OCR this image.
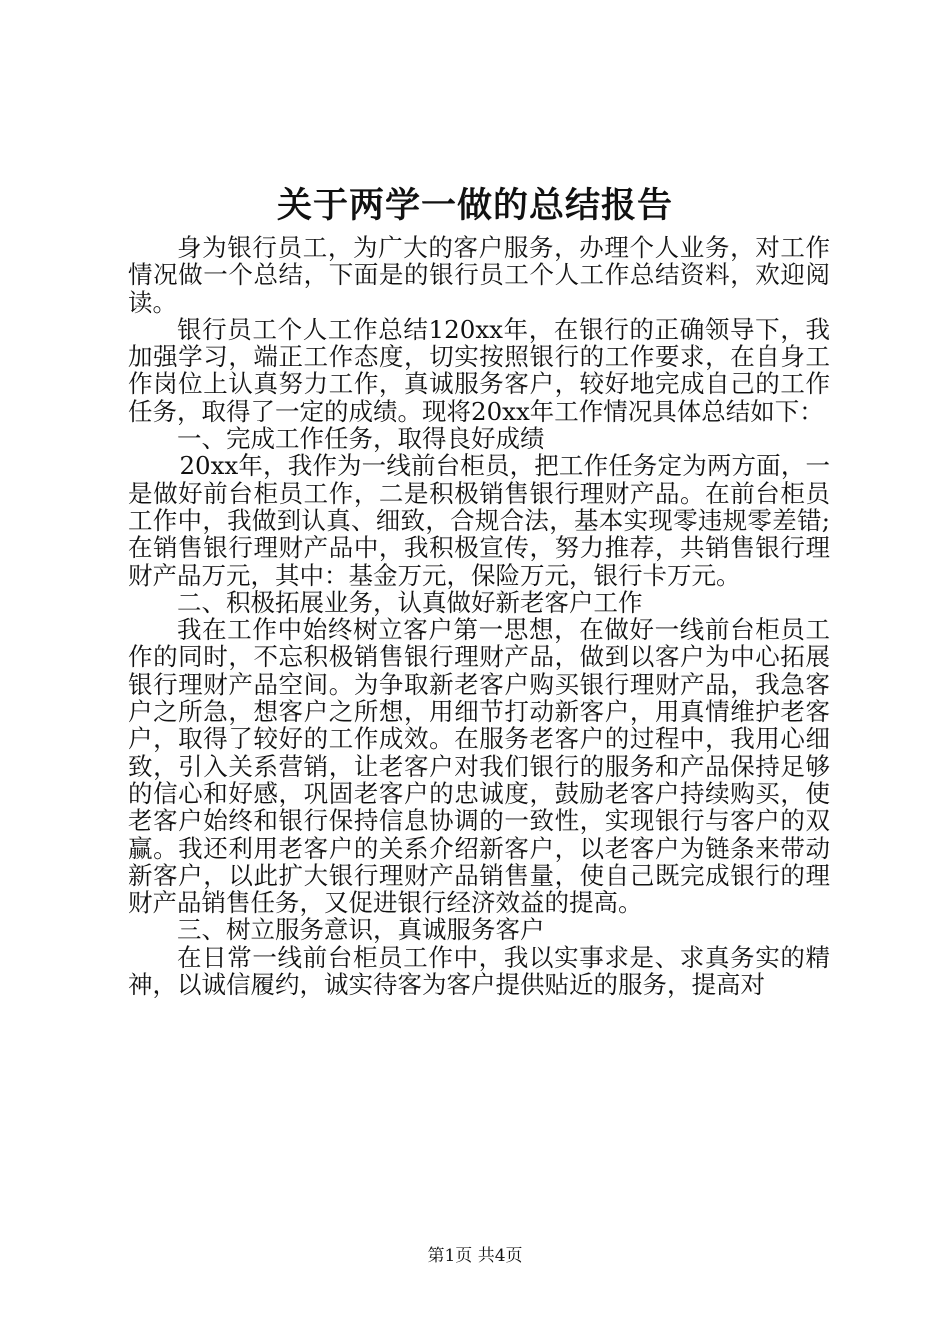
关于两学一做的总结报告

身为银行员工，为广大的客户服务，办理个人业务，对工作情况做一个总结，下面是的银行员工个人工作总结资料，欢迎阅读。

银行员工个人工作总结120xx年，在银行的正确领导下，我加强学习，端正工作态度，切实按照银行的工作要求，在自身工作岗位上认真努力工作，真诚服务客户，较好地完成自己的工作任务，取得了一定的成绩。现将20xx年工作情况具体总结如下：

一、完成工作任务，取得良好成绩

20xx年，我作为一线前台柜员，把工作任务定为两方面，一是做好前台柜员工作，二是积极销售银行理财产品。在前台柜员工作中，我做到认真、细致，合规合法，基本实现零违规零差错;在销售银行理财产品中，我积极宣传，努力推荐，共销售银行理财产品万元，其中：基金万元，保险万元，银行卡万元。

二、积极拓展业务，认真做好新老客户工作

我在工作中始终树立客户第一思想，在做好一线前台柜员工作的同时，不忘积极销售银行理财产品，做到以客户为中心拓展银行理财产品空间。为争取新老客户购买银行理财产品，我急客户之所急，想客户之所想，用细节打动新客户，用真情维护老客户，取得了较好的工作成效。在服务老客户的过程中，我用心细致，引入关系营销，让老客户对我们银行的服务和产品保持足够的信心和好感，巩固老客户的忠诚度，鼓励老客户持续购买，使老客户始终和银行保持信息协调的一致性，实现银行与客户的双赢。我还利用老客户的关系介绍新客户，以老客户为链条来带动新客户，以此扩大银行理财产品销售量，使自己既完成银行的理财产品销售任务，又促进银行经济效益的提高。

三、树立服务意识，真诚服务客户

在日常一线前台柜员工作中，我以实事求是、求真务实的精神，以诚信履约，诚实待客为客户提供贴近的服务，提高对

第1页 共4页
